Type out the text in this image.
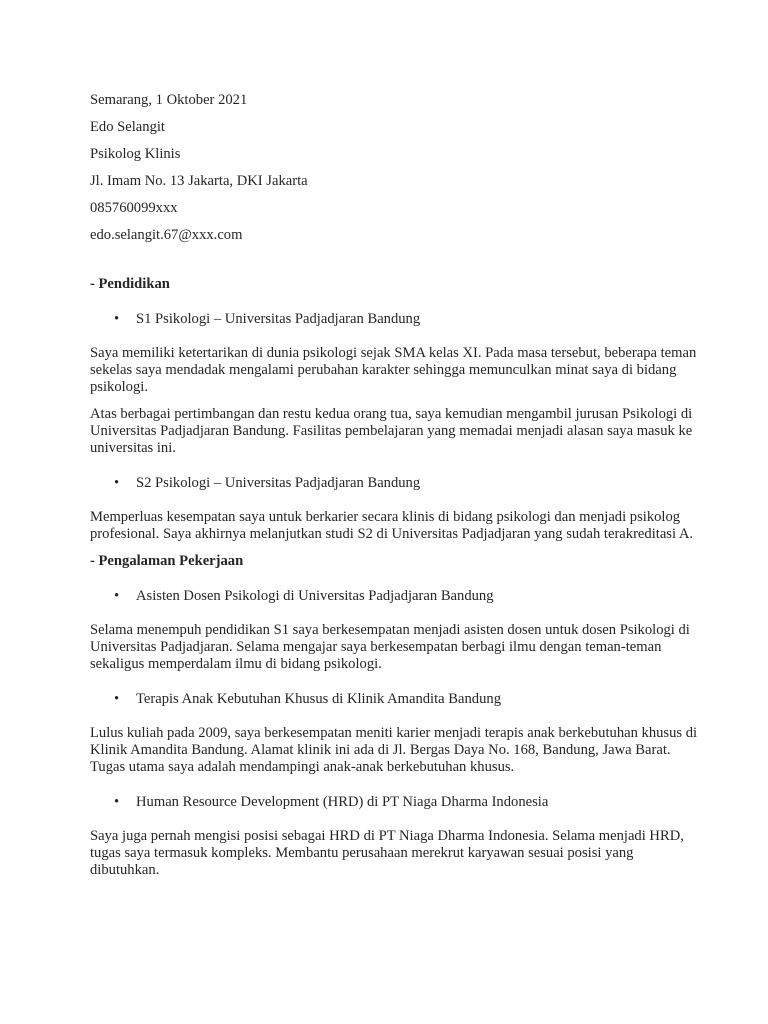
Semarang, 1 Oktober 2021
Edo Selangit
Psikolog Klinis
Jl. Imam No. 13 Jakarta, DKI Jakarta
085760099xxx
edo.selangit.67@xxx.com
- Pendidikan
• S1 Psikologi – Universitas Padjadjaran Bandung

Saya memiliki ketertarikan di dunia psikologi sejak SMA kelas XI. Pada masa tersebut, beberapa teman sekelas saya mendadak mengalami perubahan karakter sehingga memunculkan minat saya di bidang psikologi.

Atas berbagai pertimbangan dan restu kedua orang tua, saya kemudian mengambil jurusan Psikologi di Universitas Padjadjaran Bandung. Fasilitas pembelajaran yang memadai menjadi alasan saya masuk ke universitas ini.

• S2 Psikologi – Universitas Padjadjaran Bandung

Memperluas kesempatan saya untuk berkarier secara klinis di bidang psikologi dan menjadi psikolog profesional. Saya akhirnya melanjutkan studi S2 di Universitas Padjadjaran yang sudah terakreditasi A.

- Pengalaman Pekerjaan
• Asisten Dosen Psikologi di Universitas Padjadjaran Bandung

Selama menempuh pendidikan S1 saya berkesempatan menjadi asisten dosen untuk dosen Psikologi di Universitas Padjadjaran. Selama mengajar saya berkesempatan berbagi ilmu dengan teman-teman sekaligus memperdalam ilmu di bidang psikologi.

• Terapis Anak Kebutuhan Khusus di Klinik Amandita Bandung

Lulus kuliah pada 2009, saya berkesempatan meniti karier menjadi terapis anak berkebutuhan khusus di Klinik Amandita Bandung. Alamat klinik ini ada di Jl. Bergas Daya No. 168, Bandung, Jawa Barat. Tugas utama saya adalah mendampingi anak-anak berkebutuhan khusus.

• Human Resource Development (HRD) di PT Niaga Dharma Indonesia

Saya juga pernah mengisi posisi sebagai HRD di PT Niaga Dharma Indonesia. Selama menjadi HRD, tugas saya termasuk kompleks. Membantu perusahaan merekrut karyawan sesuai posisi yang dibutuhkan.
